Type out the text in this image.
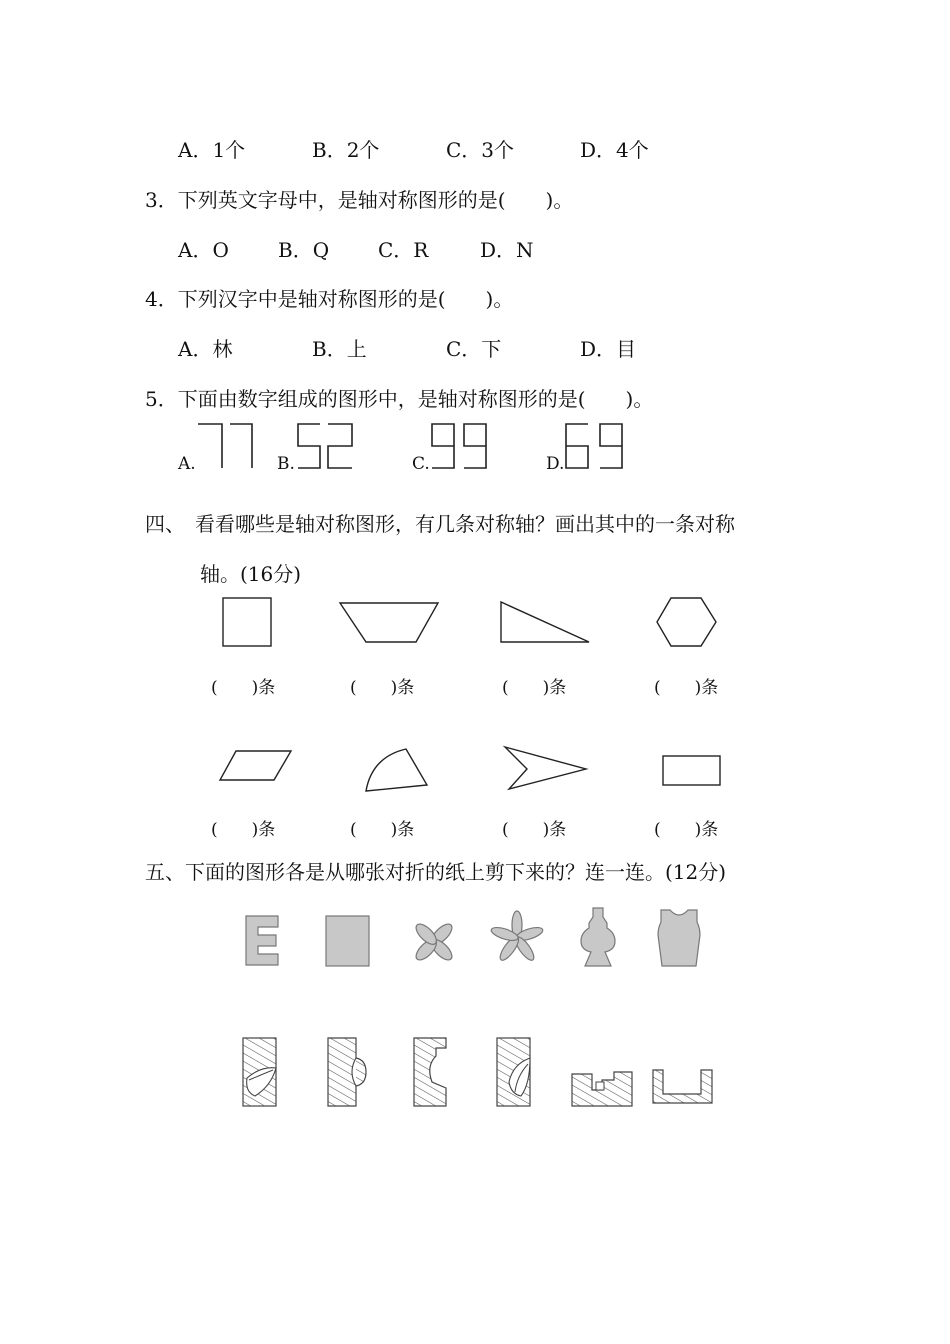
A．1个	B．2个	C．3个	D．4个
3．下列英文字母中，是轴对称图形的是(　　)。
A．O B．Q C．R	D．N
4．下列汉字中是轴对称图形的是(　　)。
A．林	B．上	C．下	D．目
5．下面由数字组成的图形中，是轴对称图形的是(　　)。
A.	B.	C.	D.
四、　看看哪些是轴对称图形，有几条对称轴？画出其中的一条对称
轴。(16分)
(　　)条	(　　)条	(　　)条	(　　)条
(　　)条	(　　)条	(　　)条	(　　)条
五、下面的图形各是从哪张对折的纸上剪下来的？连一连。(12分)
